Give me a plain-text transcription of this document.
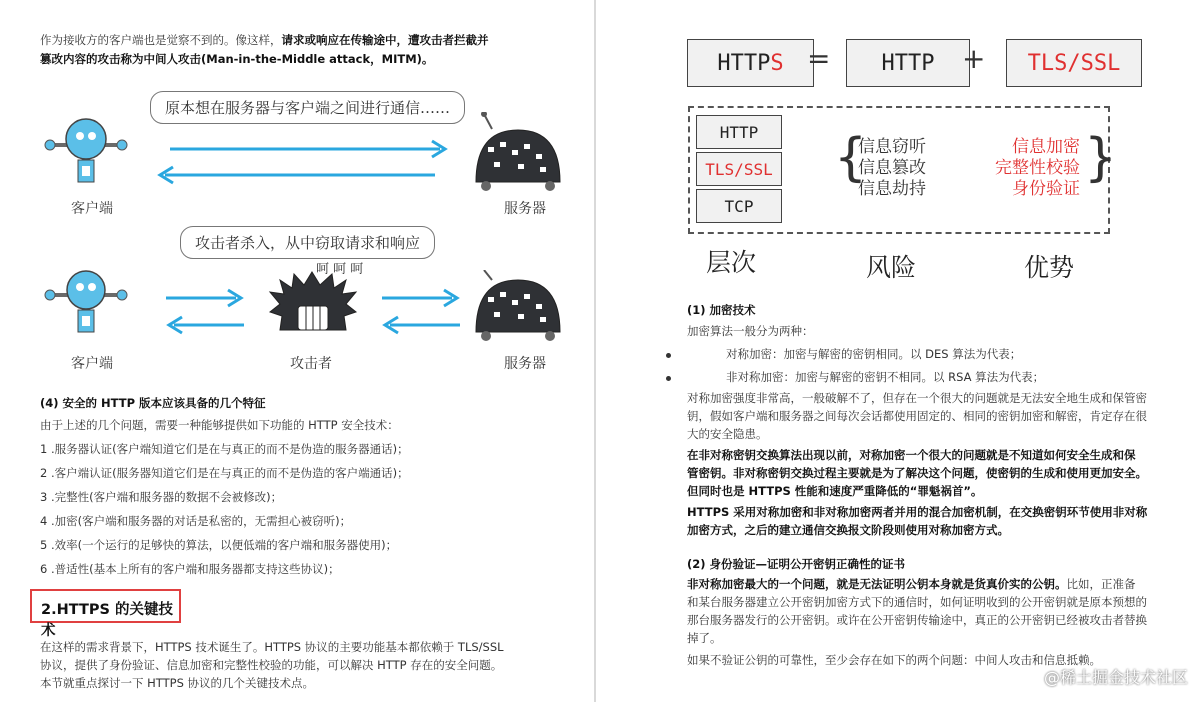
作为接收方的客户端也是觉察不到的。像这样，请求或响应在传输途中，遭攻击者拦截并
篡改内容的攻击称为中间人攻击(Man-in-the-Middle attack，MITM)。
原本想在服务器与客户端之间进行通信……
客户端	服务器
攻击者杀入，从中窃取请求和响应
呵 呵 呵
客户端	攻击者	服务器
(4) 安全的 HTTP 版本应该具备的几个特征
由于上述的几个问题，需要一种能够提供如下功能的 HTTP 安全技术：
1 .服务器认证(客户端知道它们是在与真正的而不是伪造的服务器通话)；
2 .客户端认证(服务器知道它们是在与真正的而不是伪造的客户端通话)；
3 .完整性(客户端和服务器的数据不会被修改)；
4 .加密(客户端和服务器的对话是私密的，无需担心被窃听)；
5 .效率(一个运行的足够快的算法，以便低端的客户端和服务器使用)；
6 .普适性(基本上所有的客户端和服务器都支持这些协议)；
2.HTTPS 的关键技术
在这样的需求背景下，HTTPS 技术诞生了。HTTPS 协议的主要功能基本都依赖于 TLS/SSL
协议，提供了身份验证、信息加密和完整性校验的功能，可以解决 HTTP 存在的安全问题。
本节就重点探讨一下 HTTPS 协议的几个关键技术点。
HTTP S =	HTTP +	TLS/SSL
HTTP
TLS/SSL
TCP
{
信息窃听
信息篡改
信息劫持
信息加密
完整性校验
身份验证
}
层次	风险	优势
(1) 加密技术
加密算法一般分为两种：
对称加密：加密与解密的密钥相同。以 DES 算法为代表；
非对称加密：加密与解密的密钥不相同。以 RSA 算法为代表；
对称加密强度非常高，一般破解不了，但存在一个很大的问题就是无法安全地生成和保管密
钥，假如客户端和服务器之间每次会话都使用固定的、相同的密钥加密和解密，肯定存在很
大的安全隐患。
在非对称密钥交换算法出现以前，对称加密一个很大的问题就是不知道如何安全生成和保
管密钥。非对称密钥交换过程主要就是为了解决这个问题，使密钥的生成和使用更加安全。
但同时也是 HTTPS 性能和速度严重降低的“罪魁祸首”。
HTTPS 采用对称加密和非对称加密两者并用的混合加密机制，在交换密钥环节使用非对称
加密方式，之后的建立通信交换报文阶段则使用对称加密方式。
(2) 身份验证—证明公开密钥正确性的证书
非对称加密最大的一个问题，就是无法证明公钥本身就是货真价实的公钥。比如，正准备
和某台服务器建立公开密钥加密方式下的通信时，如何证明收到的公开密钥就是原本预想的
那台服务器发行的公开密钥。或许在公开密钥传输途中，真正的公开密钥已经被攻击者替换
掉了。
如果不验证公钥的可靠性，至少会存在如下的两个问题：中间人攻击和信息抵赖。
@稀土掘金技术社区
